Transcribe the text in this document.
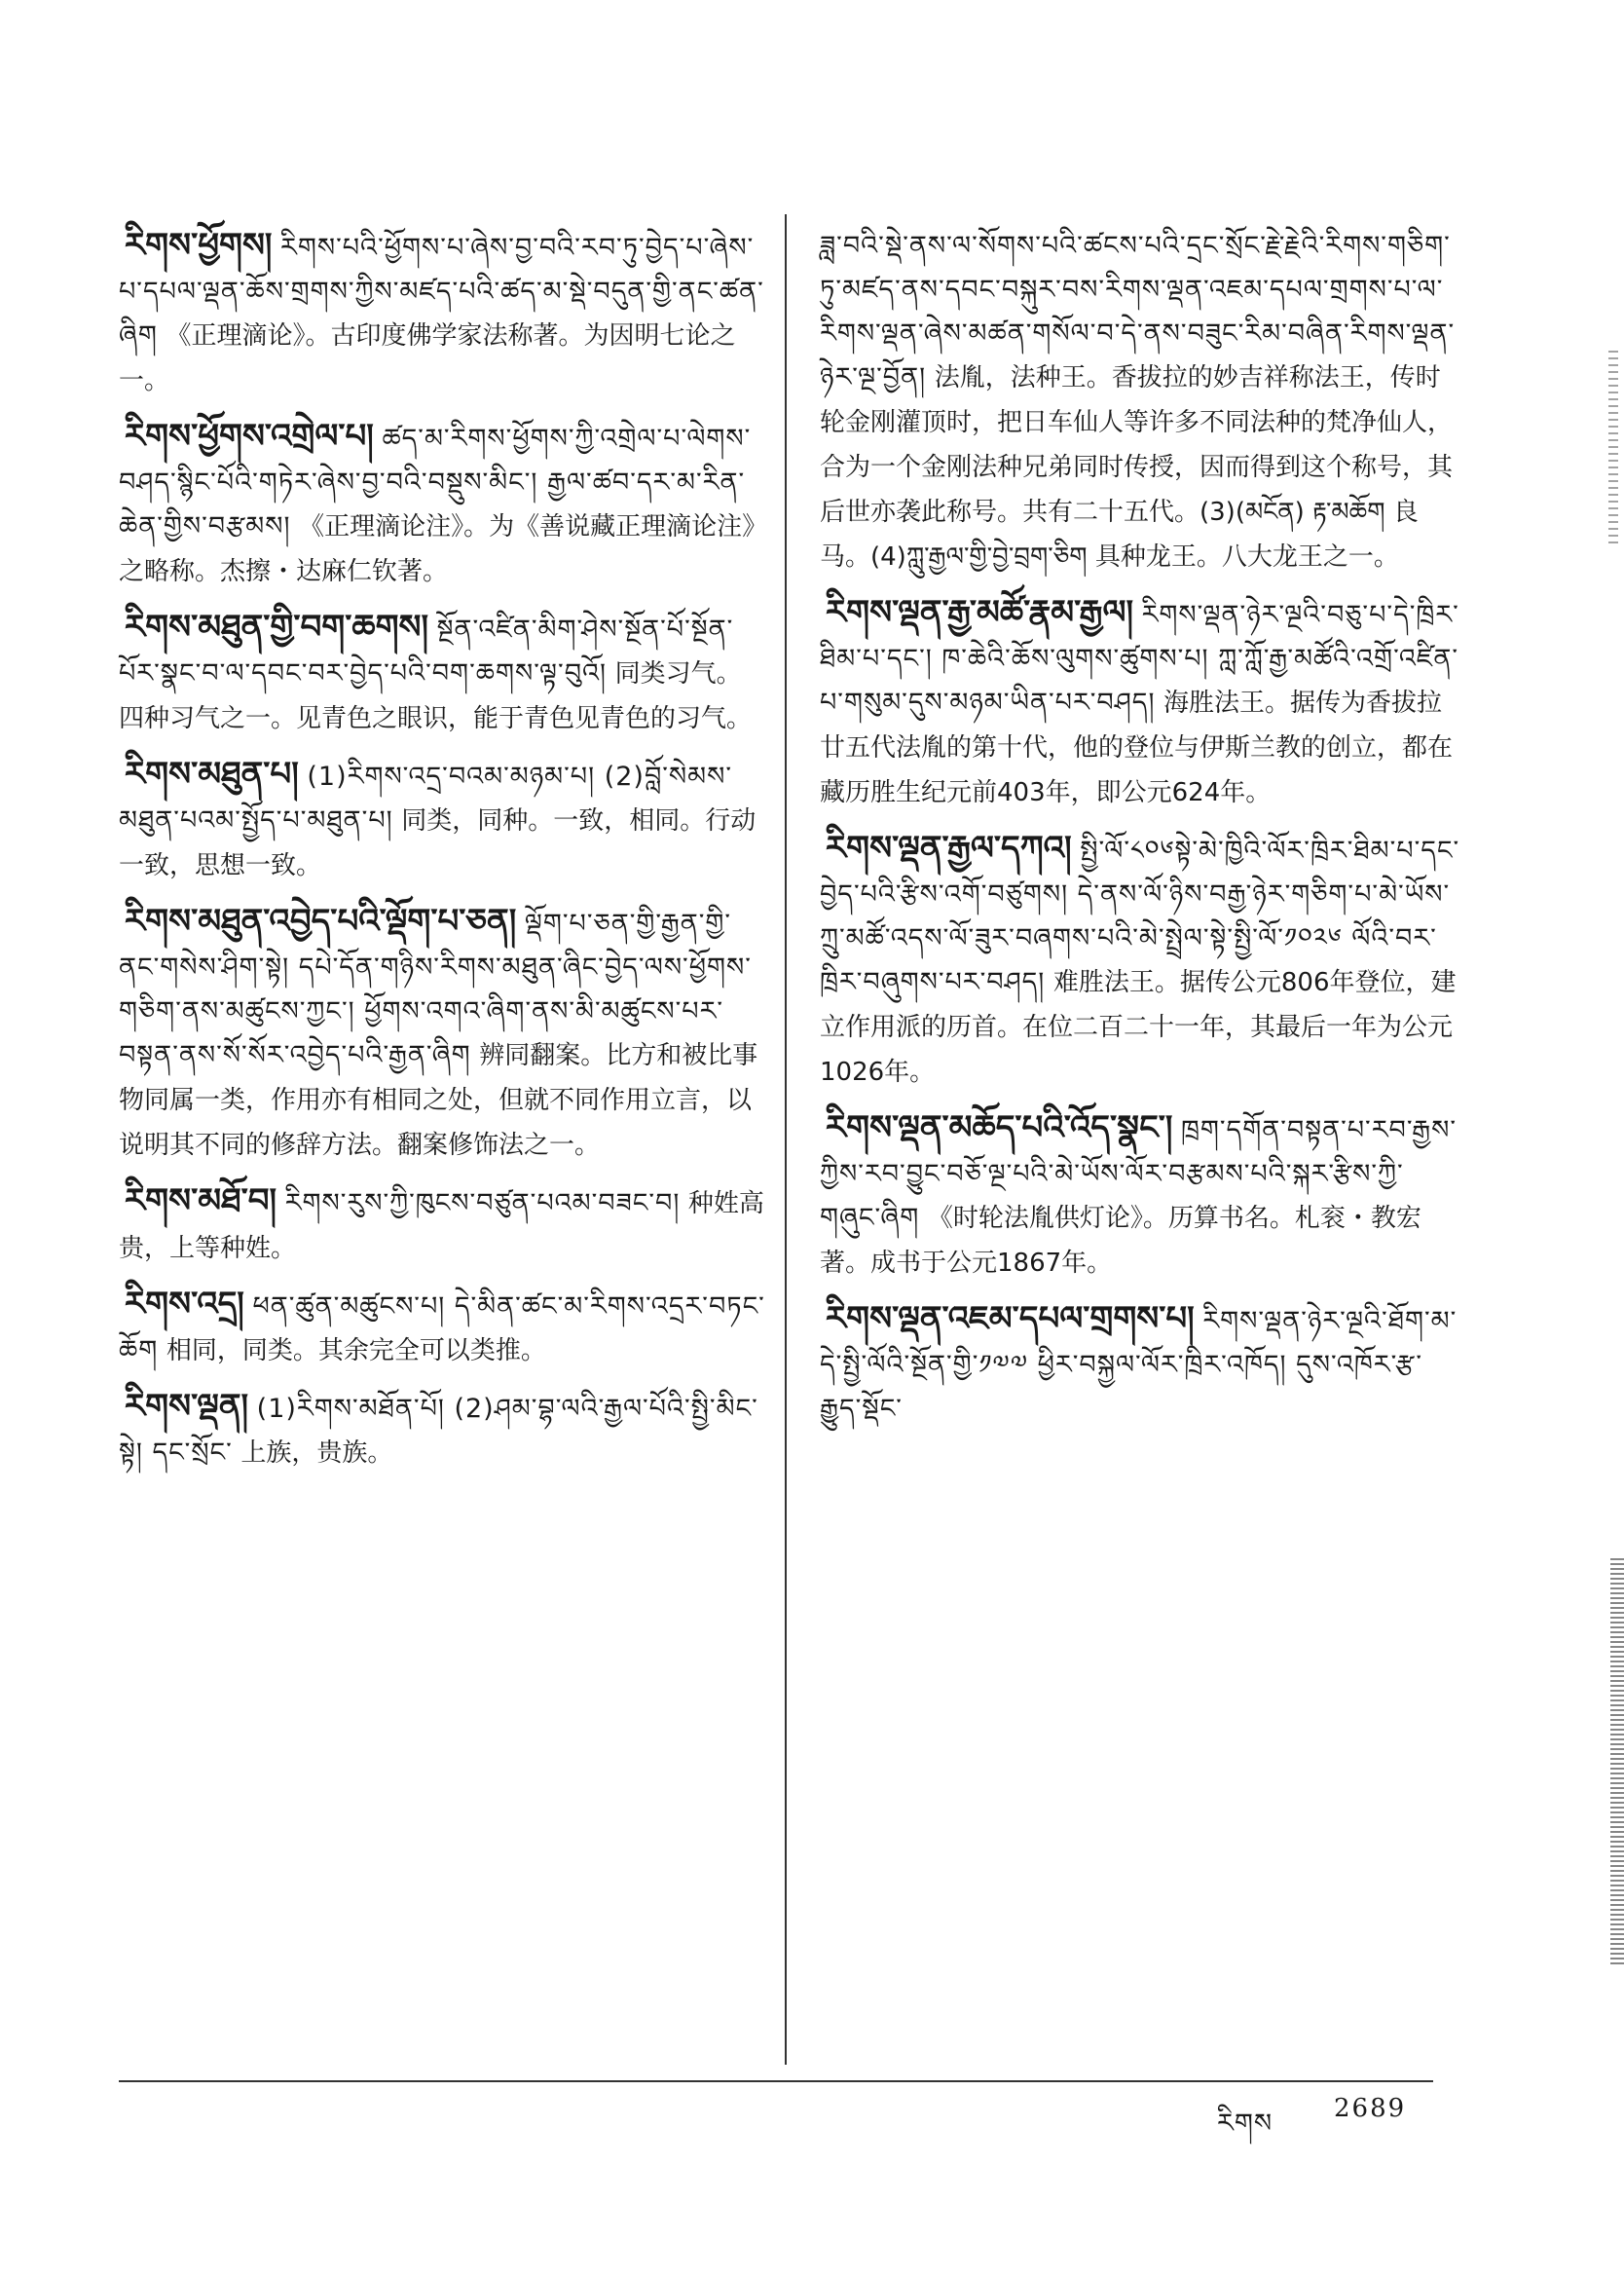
རིགས་ཕྱོགས། རིགས་པའི་ཕྱོགས་པ་ཞེས་བྱ་བའི་རབ་ཏུ་བྱེད་པ་ཞེས་པ་དཔལ་ལྡན་ཆོས་གྲགས་ཀྱིས་མཛད་པའི་ཚད་མ་སྡེ་བདུན་གྱི་ནང་ཚན་ཞིག 《正理滴论》。古印度佛学家法称著。为因明七论之一。
རིགས་ཕྱོགས་འགྲེལ་པ། ཚད་མ་རིགས་ཕྱོགས་ཀྱི་འགྲེལ་པ་ལེགས་བཤད་སྙིང་པོའི་གཏེར་ཞེས་བྱ་བའི་བསྡུས་མིང་། རྒྱལ་ཚབ་དར་མ་རིན་ཆེན་གྱིས་བརྩམས། 《正理滴论注》。为《善说藏正理滴论注》之略称。杰擦・达麻仁钦著。
རིགས་མཐུན་གྱི་བག་ཆགས། སྔོན་འཛིན་མིག་ཤེས་སྔོན་པོ་སྔོན་པོར་སྣང་བ་ལ་དབང་བར་བྱེད་པའི་བག་ཆགས་ལྟ་བུའོ། 同类习气。四种习气之一。见青色之眼识，能于青色见青色的习气。
རིགས་མཐུན་པ། (1)རིགས་འདྲ་བའམ་མཉམ་པ། (2)བློ་སེམས་མཐུན་པའམ་སྤྱོད་པ་མཐུན་པ། 同类，同种。一致，相同。行动一致，思想一致。
རིགས་མཐུན་འབྱེད་པའི་ལྡོག་པ་ཅན། ལྡོག་པ་ཅན་གྱི་རྒྱན་གྱི་ནང་གསེས་ཤིག་སྟེ། དཔེ་དོན་གཉིས་རིགས་མཐུན་ཞིང་བྱེད་ལས་ཕྱོགས་གཅིག་ནས་མཚུངས་ཀྱང་། ཕྱོགས་འགའ་ཞིག་ནས་མི་མཚུངས་པར་བསྟན་ནས་སོ་སོར་འབྱེད་པའི་རྒྱན་ཞིག 辨同翻案。比方和被比事物同属一类，作用亦有相同之处，但就不同作用立言，以说明其不同的修辞方法。翻案修饰法之一。
རིགས་མཐོ་བ། རིགས་རུས་ཀྱི་ཁུངས་བཙུན་པའམ་བཟང་བ། 种姓高贵，上等种姓。
རིགས་འདྲ། ཕན་ཚུན་མཚུངས་པ། དེ་མིན་ཚང་མ་རིགས་འདྲར་བཏང་ཆོག 相同，同类。其余完全可以类推。
རིགས་ལྡན། (1)རིགས་མཐོན་པོ། (2)ཤམ་བྷ་ལའི་རྒྱལ་པོའི་སྤྱི་མིང་སྟེ། དང་སྲོང་ 上族，贵族。
ཟླ་བའི་སྡེ་ནས་ལ་སོགས་པའི་ཚངས་པའི་དྲང་སྲོང་རྗེ་རྗེའི་རིགས་གཅིག་ཏུ་མཛད་ནས་དབང་བསྐུར་བས་རིགས་ལྡན་འཇམ་དཔལ་གྲགས་པ་ལ་རིགས་ལྡན་ཞེས་མཚན་གསོལ་བ་དེ་ནས་བཟུང་རིམ་བཞིན་རིགས་ལྡན་ཉེར་ལྔ་བྱོན། 法胤，法种王。香拔拉的妙吉祥称法王，传时轮金刚灌顶时，把日车仙人等许多不同法种的梵净仙人，合为一个金刚法种兄弟同时传授，因而得到这个称号，其后世亦袭此称号。共有二十五代。(3)(མངོན) རྟ་མཆོག 良马。(4)ཀླུ་རྒྱལ་གྱི་བྱེ་བྲག་ཅིག 具种龙王。八大龙王之一。
རིགས་ལྡན་རྒྱ་མཚོ་རྣམ་རྒྱལ། རིགས་ལྡན་ཉེར་ལྔའི་བཅུ་པ་དེ་ཁྲིར་ཐིམ་པ་དང་། ཁ་ཆེའི་ཆོས་ལུགས་ཚུགས་པ། ཀླ་ཀློ་རྒྱ་མཚོའི་འགྲོ་འཛིན་པ་གསུམ་དུས་མཉམ་ཡིན་པར་བཤད། 海胜法王。据传为香拔拉廿五代法胤的第十代，他的登位与伊斯兰教的创立，都在藏历胜生纪元前403年，即公元624年。
རིགས་ལྡན་རྒྱལ་དཀའ། སྤྱི་ལོ་༨༠༦སྟེ་མེ་ཁྱིའི་ལོར་ཁྲིར་ཐིམ་པ་དང་བྱེད་པའི་རྩིས་འགོ་བཙུགས། དེ་ནས་ལོ་ཉིས་བརྒྱ་ཉེར་གཅིག་པ་མེ་ཡོས་ཀྲུ་མཚོ་འདས་ལོ་ཟུར་བཞགས་པའི་མེ་སྤྲེལ་སྟེ་སྤྱི་ལོ་༡༠༢༦ ལོའི་བར་ཁྲིར་བཞུགས་པར་བཤད། 难胜法王。据传公元806年登位，建立作用派的历首。在位二百二十一年，其最后一年为公元1026年。
རིགས་ལྡན་མཆོད་པའི་འོད་སྣང་། ཁྲག་དགོན་བསྟན་པ་རབ་རྒྱས་ཀྱིས་རབ་བྱུང་བཅོ་ལྔ་པའི་མེ་ཡོས་ལོར་བརྩམས་པའི་སྐར་རྩིས་ཀྱི་གཞུང་ཞིག 《时轮法胤供灯论》。历算书名。札衮・教宏著。成书于公元1867年。
རིགས་ལྡན་འཇམ་དཔལ་གྲགས་པ། རིགས་ལྡན་ཉེར་ལྔའི་ཐོག་མ་དེ་སྤྱི་ལོའི་སྔོན་གྱི་༡༧༧ ཕྱིར་བསྐྱལ་ལོར་ཁྲིར་འཁོད། དུས་འཁོར་རྩ་རྒྱུད་སྡོང་
རིགས 2689
